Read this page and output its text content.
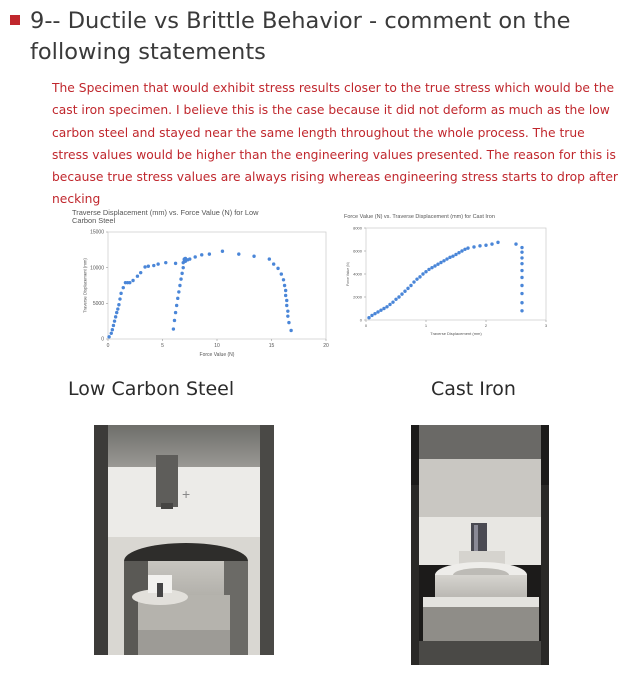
9-- Ductile vs Brittle Behavior - comment on the following statements

The Specimen that would exhibit stress results closer to the true stress which would be the cast iron specimen. I believe this is the case because it did not deform as much as the low carbon steel and stayed near the same length throughout the whole process. The true stress values would be higher than the engineering values presented. The reason for this is because true stress values are always rising whereas engineering stress starts to drop after necking

Traverse Displacement (mm) vs. Force Value (N) for Low
Carbon Steel
0	5	10	15	20
0
5000
10000
15000
Force Value (N)
Traverse Displacement (mm)
Force Value (N) vs. Traverse Displacement (mm) for Cast Iron
0	1	2	3
0
2000
4000
6000
8000
Traverse Displacement (mm)
Force Value (N)
Low Carbon Steel	Cast Iron
+
